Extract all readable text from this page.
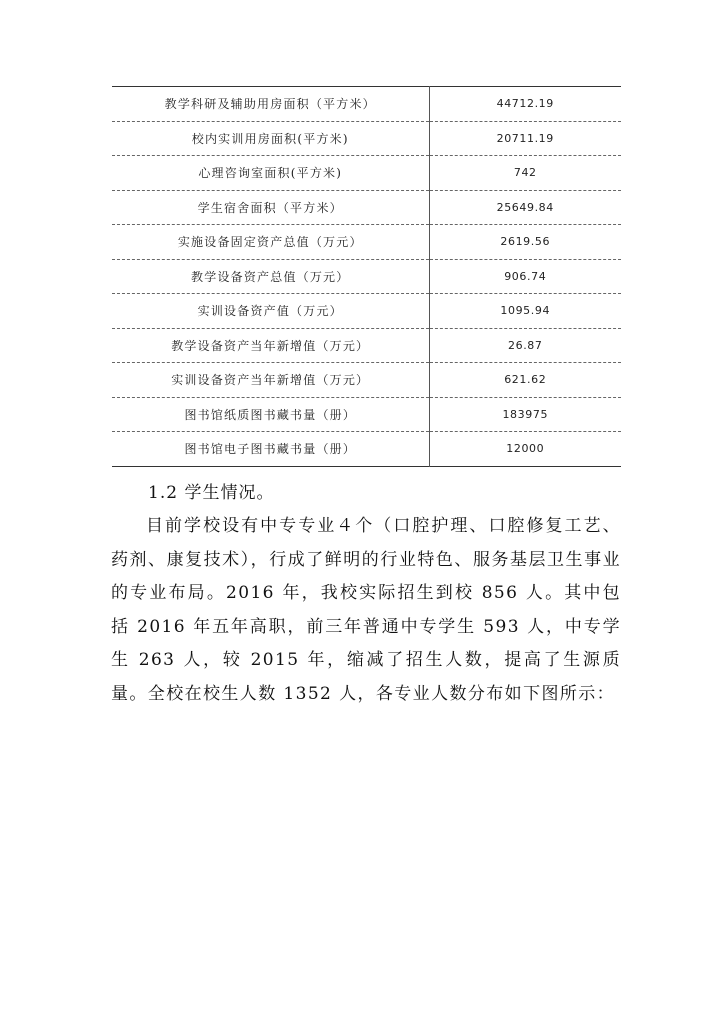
教学科研及辅助用房面积（平方米）	44712.19
校内实训用房面积(平方米)	20711.19
心理咨询室面积(平方米)	742
学生宿舍面积（平方米）	25649.84
实施设备固定资产总值（万元）	2619.56
教学设备资产总值（万元）	906.74
实训设备资产值（万元）	1095.94
教学设备资产当年新增值（万元）	26.87
实训设备资产当年新增值（万元）	621.62
图书馆纸质图书藏书量（册）	183975
图书馆电子图书藏书量（册）	12000
1.2 学生情况。

目前学校设有中专专业４个（口腔护理、口腔修复工艺、药剂、康复技术），行成了鲜明的行业特色、服务基层卫生事业的专业布局。2016 年，我校实际招生到校 856 人。其中包括 2016 年五年高职，前三年普通中专学生 593 人，中专学生 263 人，较 2015 年，缩减了招生人数，提高了生源质量。全校在校生人数 1352 人，各专业人数分布如下图所示：
